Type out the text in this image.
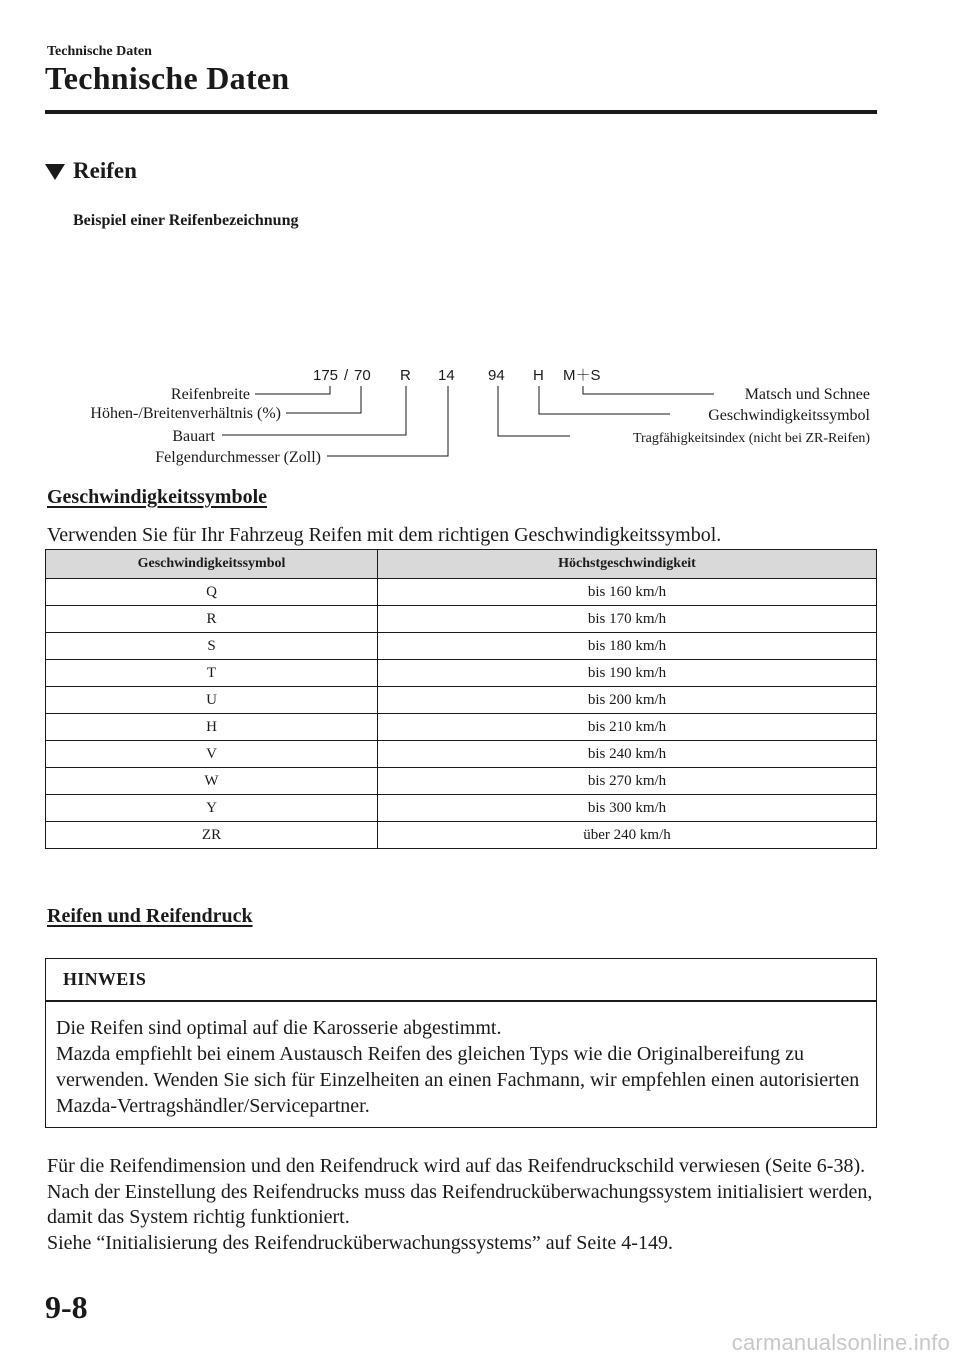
Technische Daten
Technische Daten
Reifen
Beispiel einer Reifenbezeichnung
175 / 70 R 14 94 H M＋S
Reifenbreite
Höhen-/Breitenverhältnis (%)
Bauart
Felgendurchmesser (Zoll)
Matsch und Schnee
Geschwindigkeitssymbol
Tragfähigkeitsindex (nicht bei ZR-Reifen)
Geschwindigkeitssymbole
Verwenden Sie für Ihr Fahrzeug Reifen mit dem richtigen Geschwindigkeitssymbol.
Geschwindigkeitssymbol	Höchstgeschwindigkeit
Q	bis 160 km/h
R	bis 170 km/h
S	bis 180 km/h
T	bis 190 km/h
U	bis 200 km/h
H	bis 210 km/h
V	bis 240 km/h
W	bis 270 km/h
Y	bis 300 km/h
ZR	über 240 km/h
Reifen und Reifendruck
HINWEIS

Die Reifen sind optimal auf die Karosserie abgestimmt.

Mazda empfiehlt bei einem Austausch Reifen des gleichen Typs wie die Originalbereifung zu verwenden. Wenden Sie sich für Einzelheiten an einen Fachmann, wir empfehlen einen autorisierten Mazda-Vertragshändler/Servicepartner.

Für die Reifendimension und den Reifendruck wird auf das Reifendruckschild verwiesen (Seite 6-38).

Nach der Einstellung des Reifendrucks muss das Reifendrucküberwachungssystem initialisiert werden, damit das System richtig funktioniert.

Siehe “Initialisierung des Reifendrucküberwachungssystems” auf Seite 4-149.

9-8
carmanualsonline.info
